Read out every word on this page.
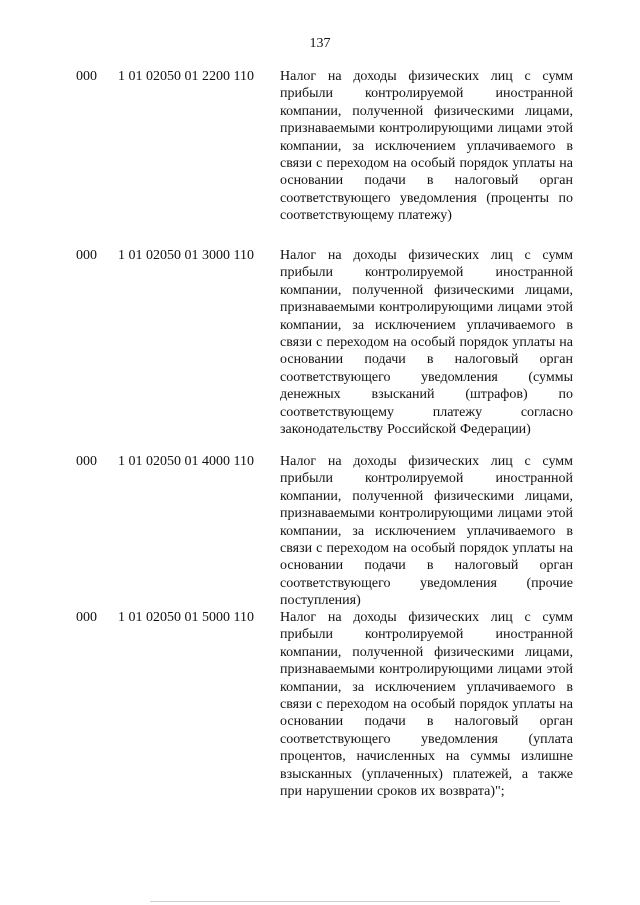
137
000 1 01 02050 01 2200 110 Налог на доходы физических лиц с сумм прибыли контролируемой иностранной компании, полученной физическими лицами, признаваемыми контролирующими лицами этой компании, за исключением уплачиваемого в связи с переходом на особый порядок уплаты на основании подачи в налоговый орган соответствующего уведомления (проценты по соответствующему платежу)

000 1 01 02050 01 3000 110 Налог на доходы физических лиц с сумм прибыли контролируемой иностранной компании, полученной физическими лицами, признаваемыми контролирующими лицами этой компании, за исключением уплачиваемого в связи с переходом на особый порядок уплаты на основании подачи в налоговый орган соответствующего уведомления (суммы денежных взысканий (штрафов) по соответствующему платежу согласно законодательству Российской Федерации)

000 1 01 02050 01 4000 110 Налог на доходы физических лиц с сумм прибыли контролируемой иностранной компании, полученной физическими лицами, признаваемыми контролирующими лицами этой компании, за исключением уплачиваемого в связи с переходом на особый порядок уплаты на основании подачи в налоговый орган соответствующего уведомления (прочие поступления)

000 1 01 02050 01 5000 110 Налог на доходы физических лиц с сумм прибыли контролируемой иностранной компании, полученной физическими лицами, признаваемыми контролирующими лицами этой компании, за исключением уплачиваемого в связи с переходом на особый порядок уплаты на основании подачи в налоговый орган соответствующего уведомления (уплата процентов, начисленных на суммы излишне взысканных (уплаченных) платежей, а также при нарушении сроков их возврата)";
